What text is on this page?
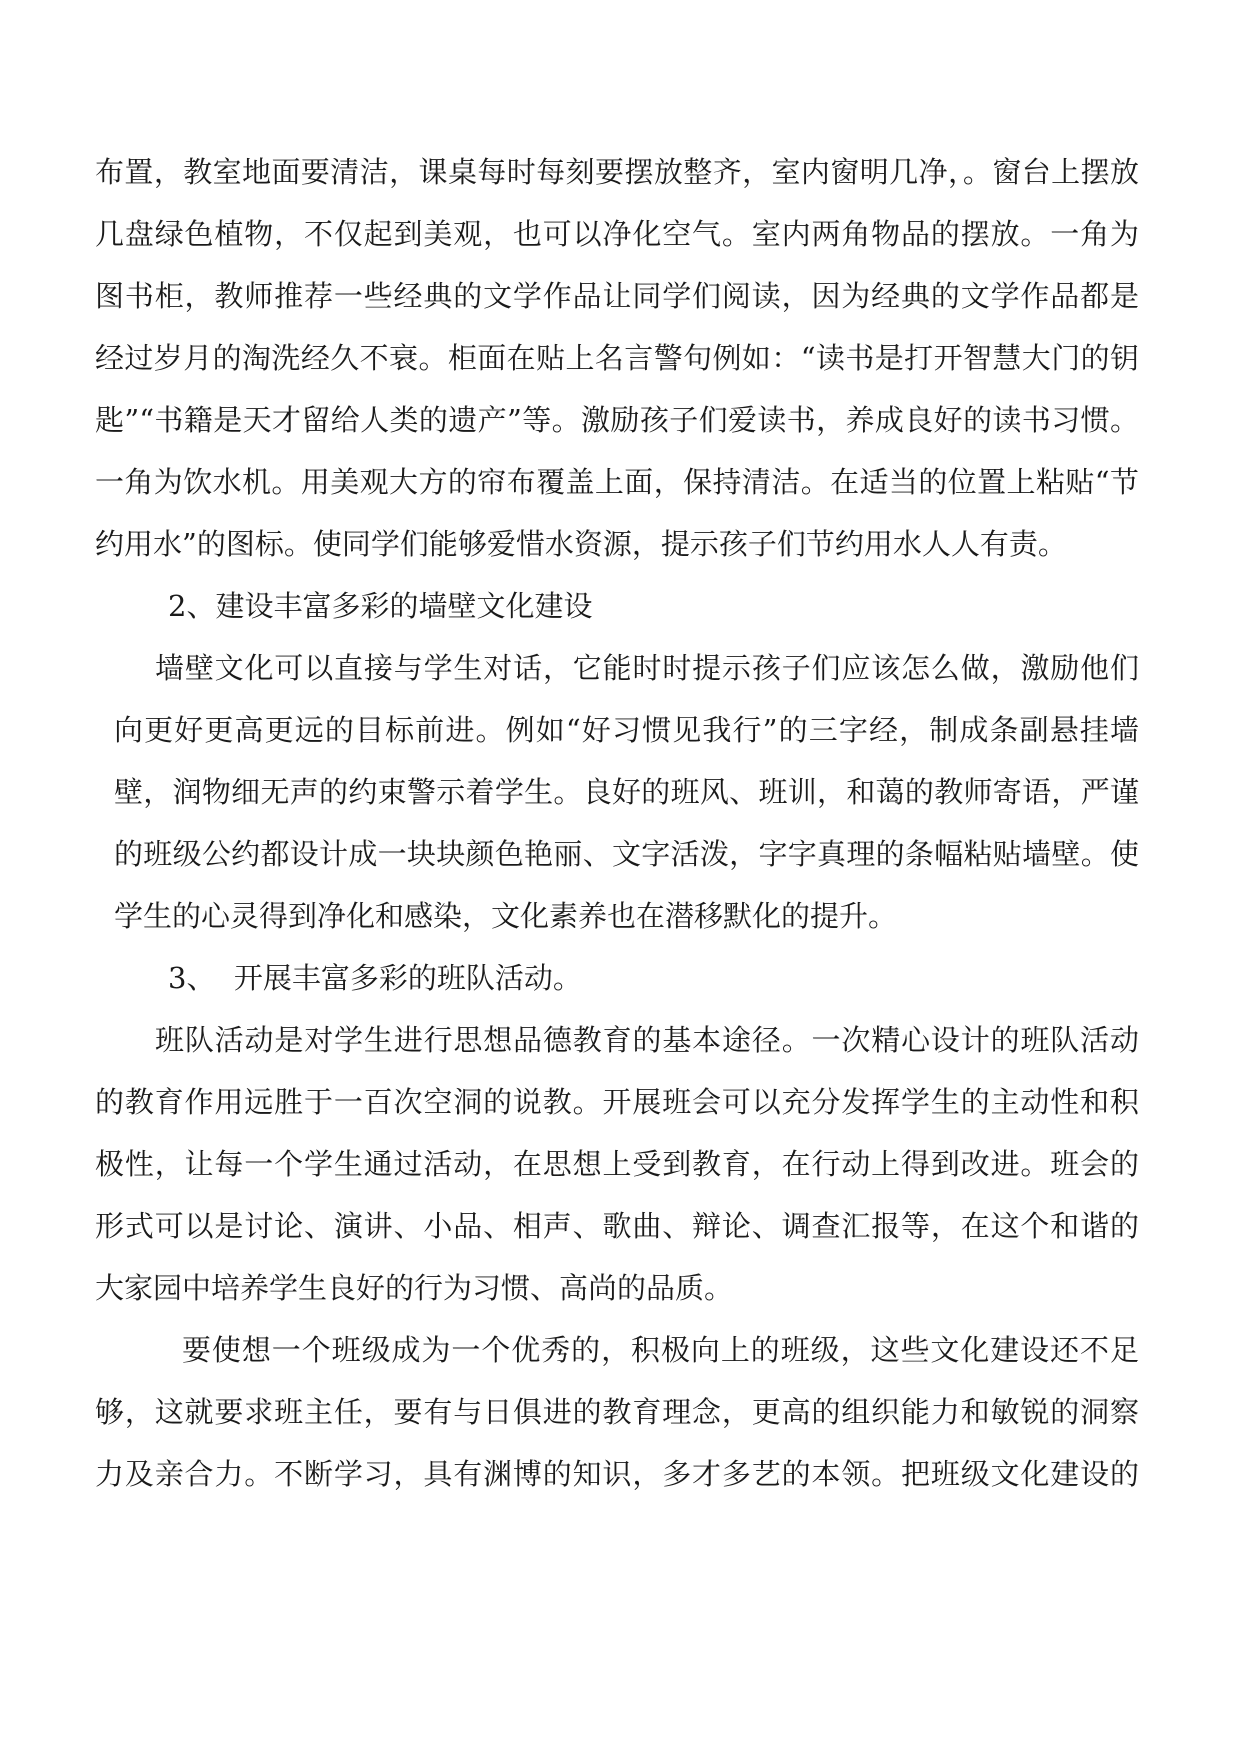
布置，教室地面要清洁，课桌每时每刻要摆放整齐，室内窗明几净，。窗台上摆放
几盘绿色植物，不仅起到美观，也可以净化空气。室内两角物品的摆放。一角为
图书柜，教师推荐一些经典的文学作品让同学们阅读，因为经典的文学作品都是
经过岁月的淘洗经久不衰。柜面在贴上名言警句例如：“读书是打开智慧大门的钥
匙”“书籍是天才留给人类的遗产”等。激励孩子们爱读书，养成良好的读书习惯。
一角为饮水机。用美观大方的帘布覆盖上面，保持清洁。在适当的位置上粘贴“节
约用水”的图标。使同学们能够爱惜水资源，提示孩子们节约用水人人有责。
2、建设丰富多彩的墙壁文化建设
墙壁文化可以直接与学生对话，它能时时提示孩子们应该怎么做，激励他们
向更好更高更远的目标前进。例如“好习惯见我行”的三字经，制成条副悬挂墙
壁，润物细无声的约束警示着学生。良好的班风、班训，和蔼的教师寄语，严谨
的班级公约都设计成一块块颜色艳丽、文字活泼，字字真理的条幅粘贴墙壁。使
学生的心灵得到净化和感染，文化素养也在潜移默化的提升。
3、  开展丰富多彩的班队活动。
班队活动是对学生进行思想品德教育的基本途径。一次精心设计的班队活动
的教育作用远胜于一百次空洞的说教。开展班会可以充分发挥学生的主动性和积
极性，让每一个学生通过活动，在思想上受到教育，在行动上得到改进。班会的
形式可以是讨论、演讲、小品、相声、歌曲、辩论、调查汇报等，在这个和谐的
大家园中培养学生良好的行为习惯、高尚的品质。
要使想一个班级成为一个优秀的，积极向上的班级，这些文化建设还不足
够，这就要求班主任，要有与日俱进的教育理念，更高的组织能力和敏锐的洞察
力及亲合力。不断学习，具有渊博的知识，多才多艺的本领。把班级文化建设的
